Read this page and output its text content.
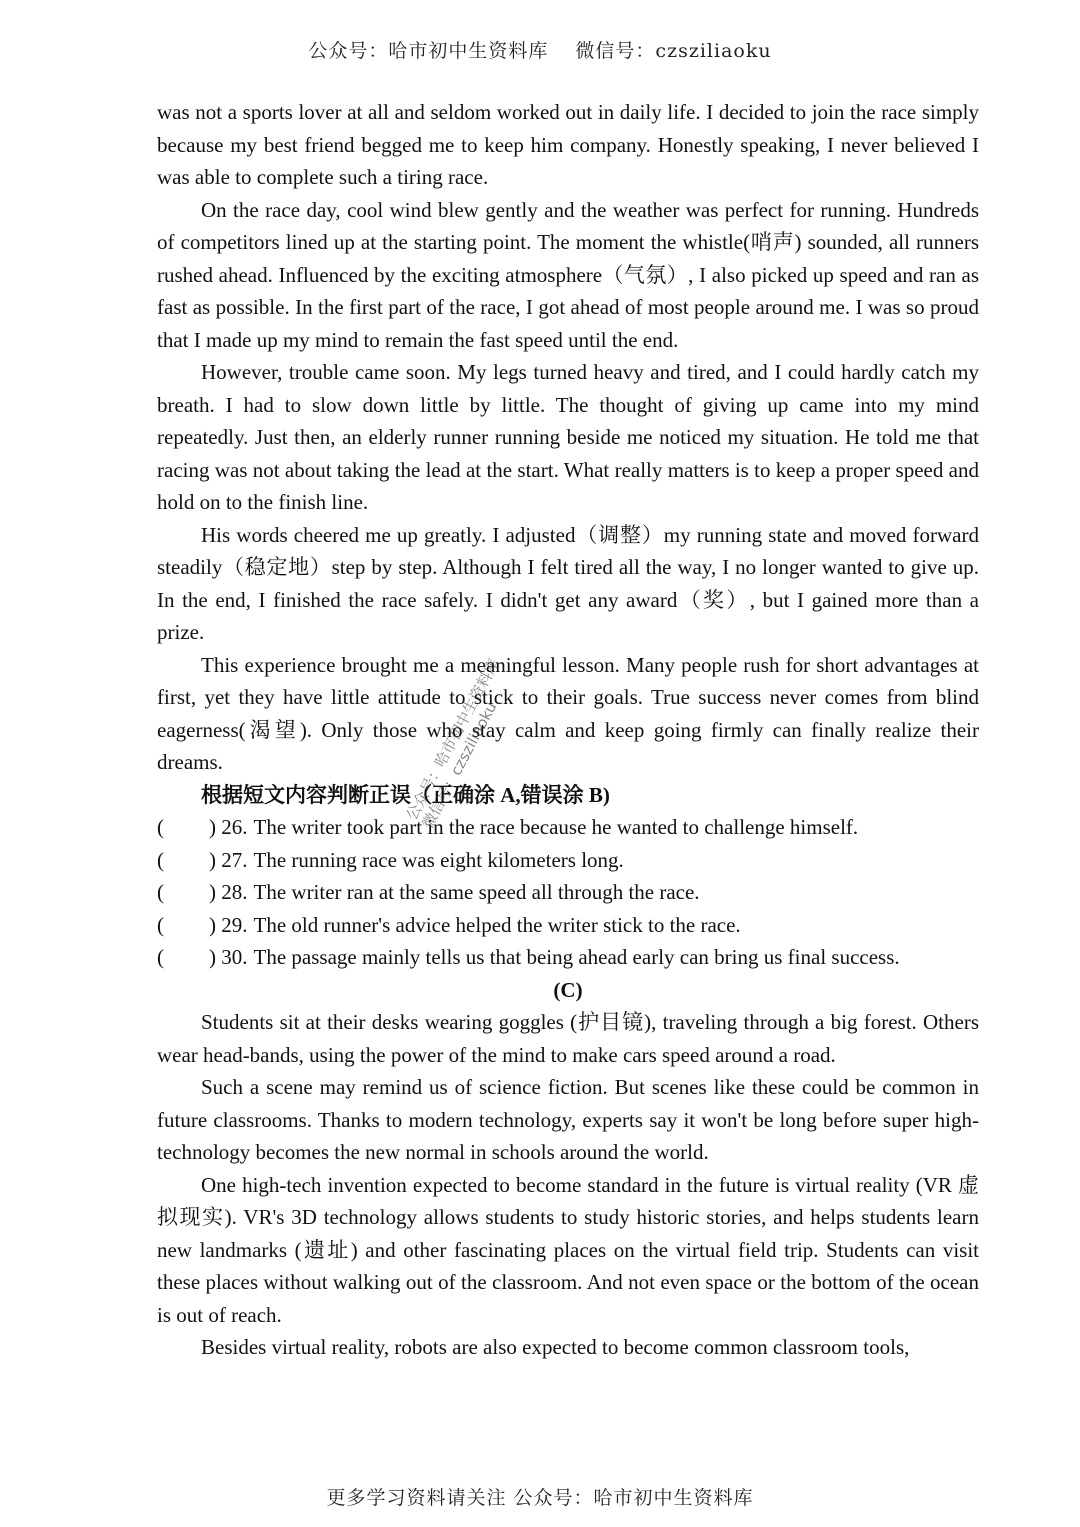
公众号：哈市初中生资料库　 微信号：czsziliaoku

was not a sports lover at all and seldom worked out in daily life. I decided to join the race simply because my best friend begged me to keep him company. Honestly speaking, I never believed I was able to complete such a tiring race.

On the race day, cool wind blew gently and the weather was perfect for running. Hundreds of competitors lined up at the starting point. The moment the whistle(哨声) sounded, all runners rushed ahead. Influenced by the exciting atmosphere（气氛）, I also picked up speed and ran as fast as possible. In the first part of the race, I got ahead of most people around me. I was so proud that I made up my mind to remain the fast speed until the end.

However, trouble came soon. My legs turned heavy and tired, and I could hardly catch my breath. I had to slow down little by little. The thought of giving up came into my mind repeatedly. Just then, an elderly runner running beside me noticed my situation. He told me that racing was not about taking the lead at the start. What really matters is to keep a proper speed and hold on to the finish line.

His words cheered me up greatly. I adjusted（调整）my running state and moved forward steadily（稳定地）step by step. Although I felt tired all the way, I no longer wanted to give up. In the end, I finished the race safely. I didn't get any award（奖）, but I gained more than a prize.

This experience brought me a meaningful lesson. Many people rush for short advantages at first, yet they have little attitude to stick to their goals. True success never comes from blind eagerness(渴望). Only those who stay calm and keep going firmly can finally realize their dreams.

根据短文内容判断正误（正确涂 A,错误涂 B)

(	) 26. The writer took part in the race because he wanted to challenge himself.
(	) 27. The running race was eight kilometers long.
(	) 28. The writer ran at the same speed all through the race.
(	) 29. The old runner's advice helped the writer stick to the race.
(	) 30. The passage mainly tells us that being ahead early can bring us final success.

(C)

Students sit at their desks wearing goggles (护目镜), traveling through a big forest. Others wear head-bands, using the power of the mind to make cars speed around a road.

Such a scene may remind us of science fiction. But scenes like these could be common in future classrooms. Thanks to modern technology, experts say it won't be long before super high-technology becomes the new normal in schools around the world.

One high-tech invention expected to become standard in the future is virtual reality (VR 虚拟现实). VR's 3D technology allows students to study historic stories, and helps students learn new landmarks (遗址) and other fascinating places on the virtual field trip. Students can visit these places without walking out of the classroom. And not even space or the bottom of the ocean is out of reach.

Besides virtual reality, robots are also expected to become common classroom tools,

公众号：哈市初中生资料库 微信号：czsziliaoku
更多学习资料请关注 公众号：哈市初中生资料库
